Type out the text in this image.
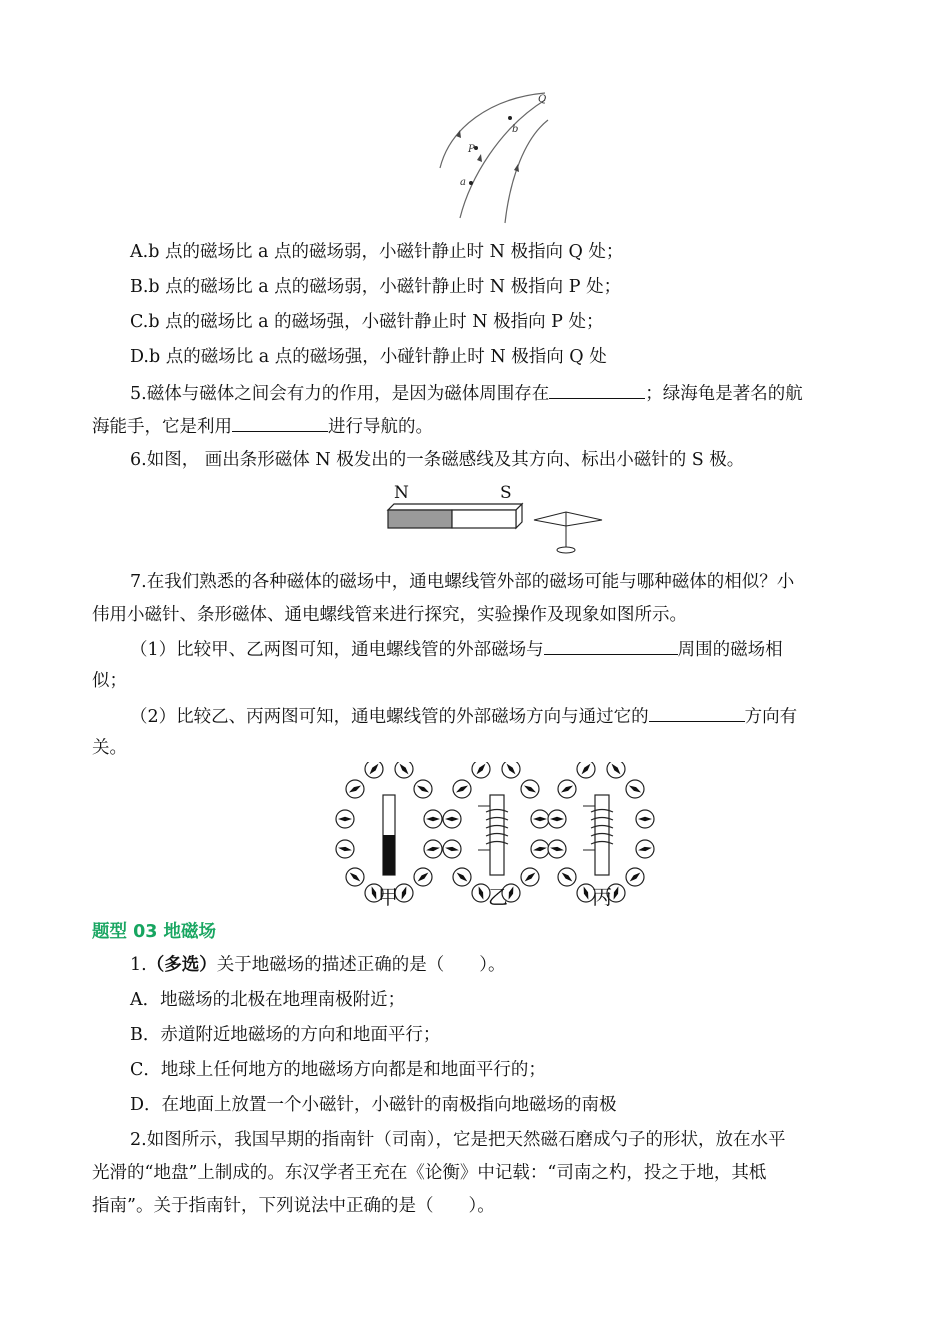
Q
b
P
a
A.b 点的磁场比 a 点的磁场弱，小磁针静止时 N 极指向 Q 处；
B.b 点的磁场比 a 点的磁场弱，小磁针静止时 N 极指向 P 处；
C.b 点的磁场比 a 的磁场强，小磁针静止时 N 极指向 P 处；
D.b 点的磁场比 a 点的磁场强，小碰针静止时 N 极指向 Q 处
5.磁体与磁体之间会有力的作用，是因为磁体周围存在	；绿海龟是著名的航
海能手，它是利用	进行导航的。
6.如图， 画出条形磁体 N 极发出的一条磁感线及其方向、标出小磁针的 S 极。
N	S
7.在我们熟悉的各种磁体的磁场中，通电螺线管外部的磁场可能与哪种磁体的相似？小
伟用小磁针、条形磁体、通电螺线管来进行探究，实验操作及现象如图所示。
（1）比较甲、乙两图可知，通电螺线管的外部磁场与	周围的磁场相
似；
（2）比较乙、丙两图可知，通电螺线管的外部磁场方向与通过它的	方向有
关。
甲	乙	丙
题型 03 地磁场
1.（多选）关于地磁场的描述正确的是（　　）。
A．地磁场的北极在地理南极附近；
B．赤道附近地磁场的方向和地面平行；
C．地球上任何地方的地磁场方向都是和地面平行的；
D．在地面上放置一个小磁针，小磁针的南极指向地磁场的南极
2.如图所示，我国早期的指南针（司南），它是把天然磁石磨成勺子的形状，放在水平
光滑的“地盘”上制成的。东汉学者王充在《论衡》中记载：“司南之杓，投之于地，其柢
指南”。关于指南针，下列说法中正确的是（　　）。
